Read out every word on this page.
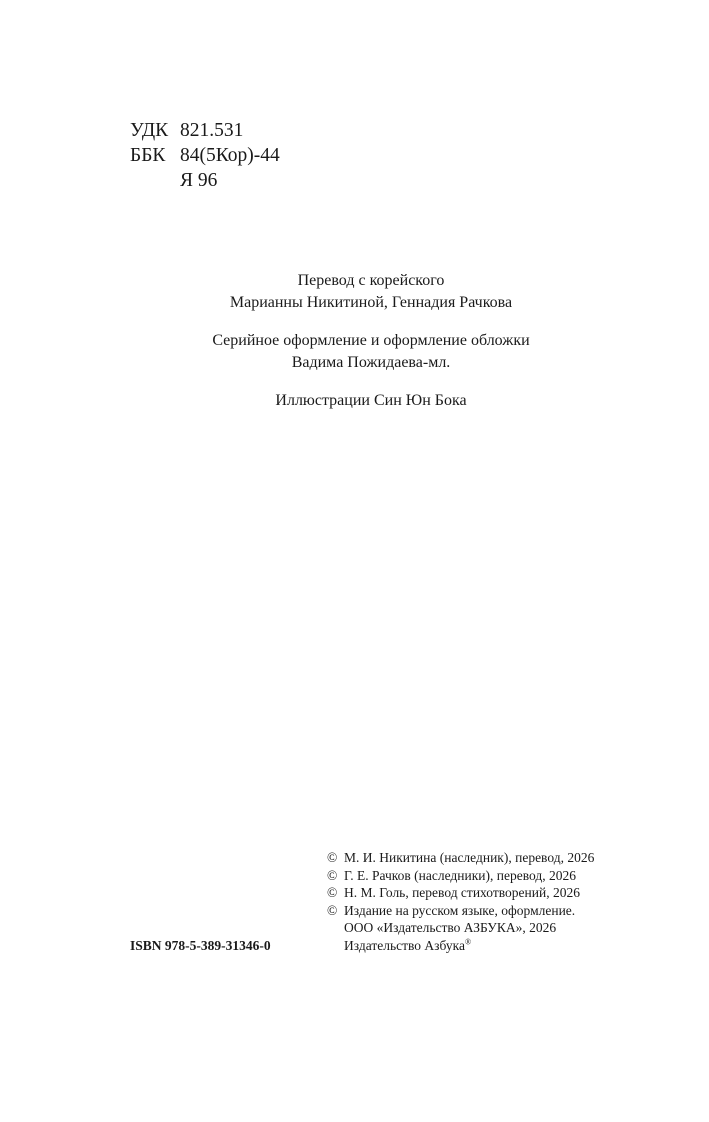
УДК 821.531
ББК 84(5Кор)-44
Я 96
Перевод с корейского
Марианны Никитиной, Геннадия Рачкова
Серийное оформление и оформление обложки
Вадима Пожидаева-мл.
Иллюстрации Син Юн Бока
© М. И. Никитина (наследник), перевод, 2026
© Г. Е. Рачков (наследники), перевод, 2026
© Н. М. Голь, перевод стихотворений, 2026
© Издание на русском языке, оформление.
ООО «Издательство АЗБУКА», 2026
Издательство Азбука®
ISBN 978-5-389-31346-0
